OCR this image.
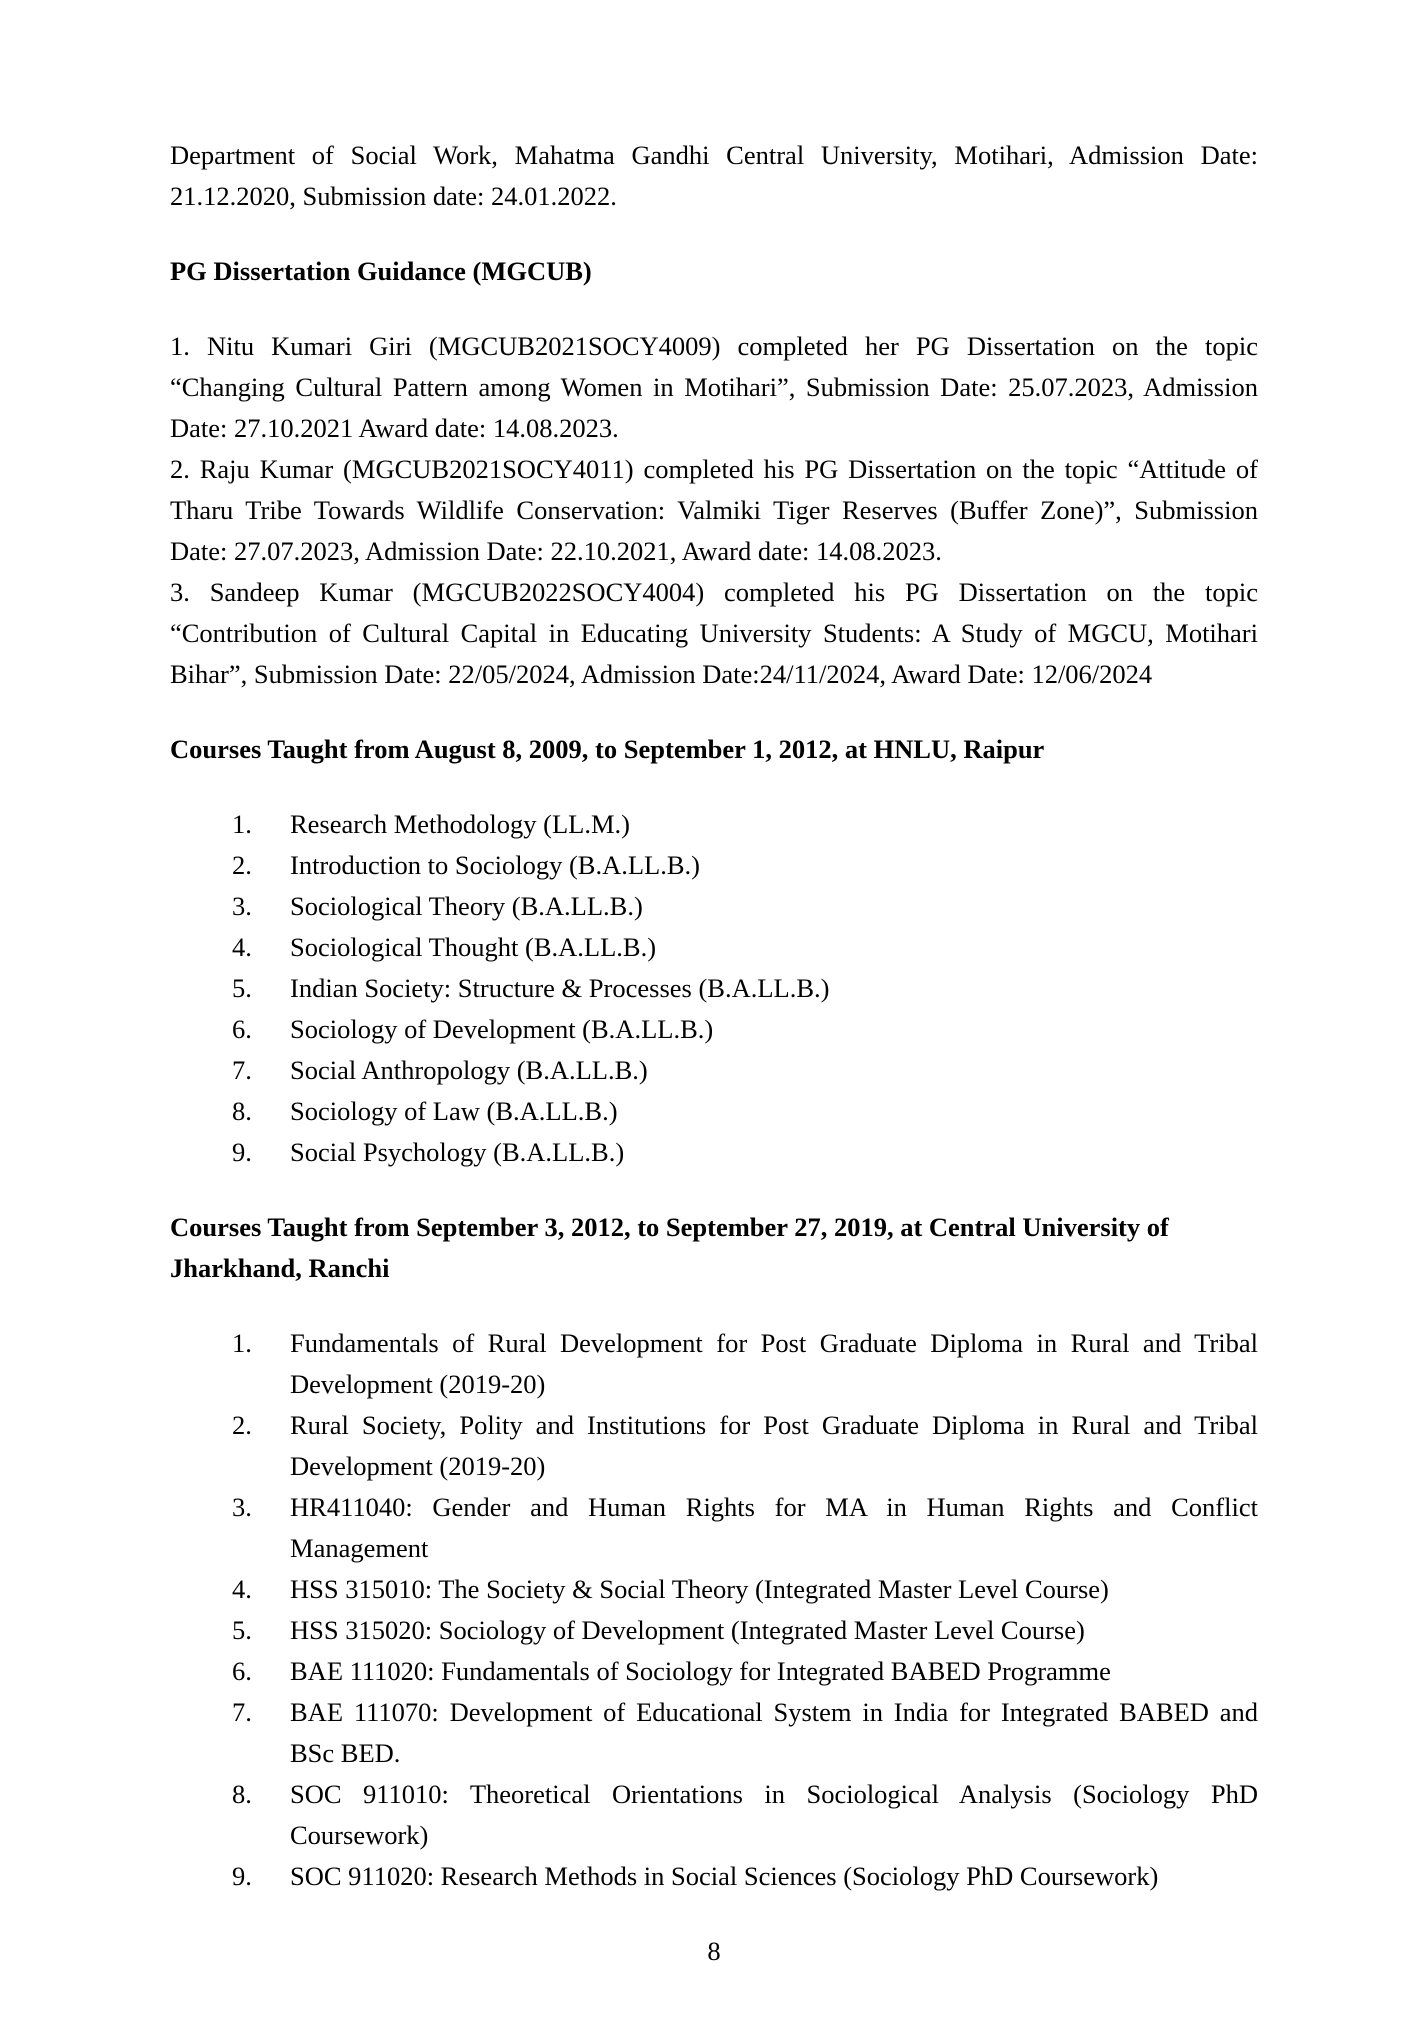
Department of Social Work, Mahatma Gandhi Central University, Motihari, Admission Date: 21.12.2020, Submission date: 24.01.2022.

PG Dissertation Guidance (MGCUB)

1. Nitu Kumari Giri (MGCUB2021SOCY4009) completed her PG Dissertation on the topic “Changing Cultural Pattern among Women in Motihari”, Submission Date: 25.07.2023, Admission Date: 27.10.2021 Award date: 14.08.2023.

2. Raju Kumar (MGCUB2021SOCY4011) completed his PG Dissertation on the topic “Attitude of Tharu Tribe Towards Wildlife Conservation: Valmiki Tiger Reserves (Buffer Zone)”, Submission Date: 27.07.2023, Admission Date: 22.10.2021, Award date: 14.08.2023.

3. Sandeep Kumar (MGCUB2022SOCY4004) completed his PG Dissertation on the topic “Contribution of Cultural Capital in Educating University Students: A Study of MGCU, Motihari Bihar”, Submission Date: 22/05/2024, Admission Date:24/11/2024, Award Date: 12/06/2024

Courses Taught from August 8, 2009, to September 1, 2012, at HNLU, Raipur
Research Methodology (LL.M.)
Introduction to Sociology (B.A.LL.B.)
Sociological Theory (B.A.LL.B.)
Sociological Thought (B.A.LL.B.)
Indian Society: Structure & Processes (B.A.LL.B.)
Sociology of Development (B.A.LL.B.)
Social Anthropology (B.A.LL.B.)
Sociology of Law (B.A.LL.B.)
Social Psychology (B.A.LL.B.)
Courses Taught from September 3, 2012, to September 27, 2019, at Central University of Jharkhand, Ranchi
Fundamentals of Rural Development for Post Graduate Diploma in Rural and Tribal Development (2019-20)
Rural Society, Polity and Institutions for Post Graduate Diploma in Rural and Tribal Development (2019-20)
HR411040: Gender and Human Rights for MA in Human Rights and Conflict Management
HSS 315010: The Society & Social Theory (Integrated Master Level Course)
HSS 315020: Sociology of Development (Integrated Master Level Course)
BAE 111020: Fundamentals of Sociology for Integrated BABED Programme
BAE 111070: Development of Educational System in India for Integrated BABED and BSc BED.
SOC 911010: Theoretical Orientations in Sociological Analysis (Sociology PhD Coursework)
SOC 911020: Research Methods in Social Sciences (Sociology PhD Coursework)
8
